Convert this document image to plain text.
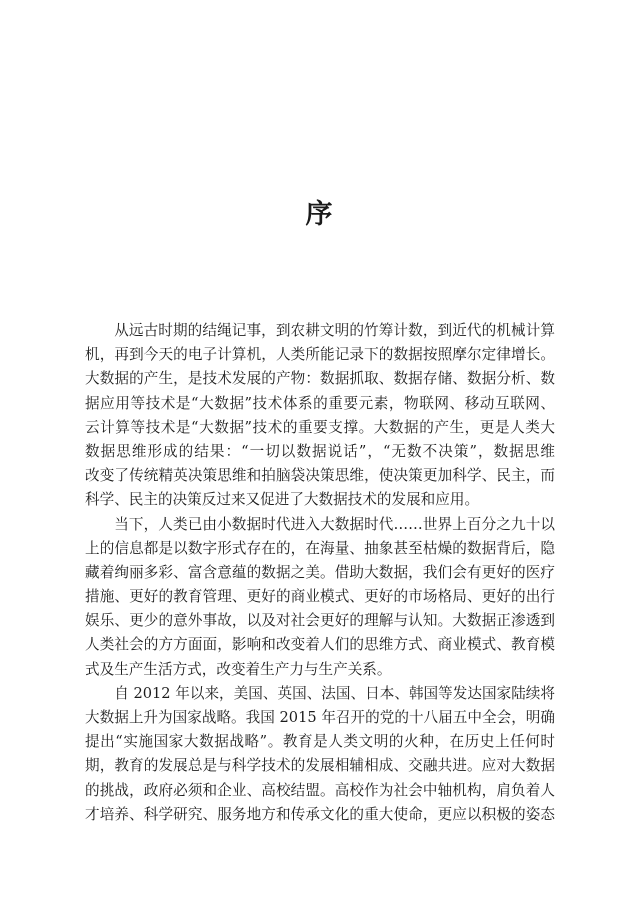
序
从远古时期的结绳记事，到农耕文明的竹筹计数，到近代的机械计算
机，再到今天的电子计算机，人类所能记录下的数据按照摩尔定律增长。
大数据的产生，是技术发展的产物：数据抓取、数据存储、数据分析、数
据应用等技术是“大数据”技术体系的重要元素，物联网、移动互联网、
云计算等技术是“大数据”技术的重要支撑。大数据的产生，更是人类大
数据思维形成的结果：“一切以数据说话”，“无数不决策”，数据思维
改变了传统精英决策思维和拍脑袋决策思维，使决策更加科学、民主，而
科学、民主的决策反过来又促进了大数据技术的发展和应用。
当下，人类已由小数据时代进入大数据时代……世界上百分之九十以
上的信息都是以数字形式存在的，在海量、抽象甚至枯燥的数据背后，隐
藏着绚丽多彩、富含意蕴的数据之美。借助大数据，我们会有更好的医疗
措施、更好的教育管理、更好的商业模式、更好的市场格局、更好的出行
娱乐、更少的意外事故，以及对社会更好的理解与认知。大数据正渗透到
人类社会的方方面面，影响和改变着人们的思维方式、商业模式、教育模
式及生产生活方式，改变着生产力与生产关系。
自 2012 年以来，美国、英国、法国、日本、韩国等发达国家陆续将
大数据上升为国家战略。我国 2015 年召开的党的十八届五中全会，明确
提出“实施国家大数据战略”。教育是人类文明的火种，在历史上任何时
期，教育的发展总是与科学技术的发展相辅相成、交融共进。应对大数据
的挑战，政府必须和企业、高校结盟。高校作为社会中轴机构，肩负着人
才培养、科学研究、服务地方和传承文化的重大使命，更应以积极的姿态
